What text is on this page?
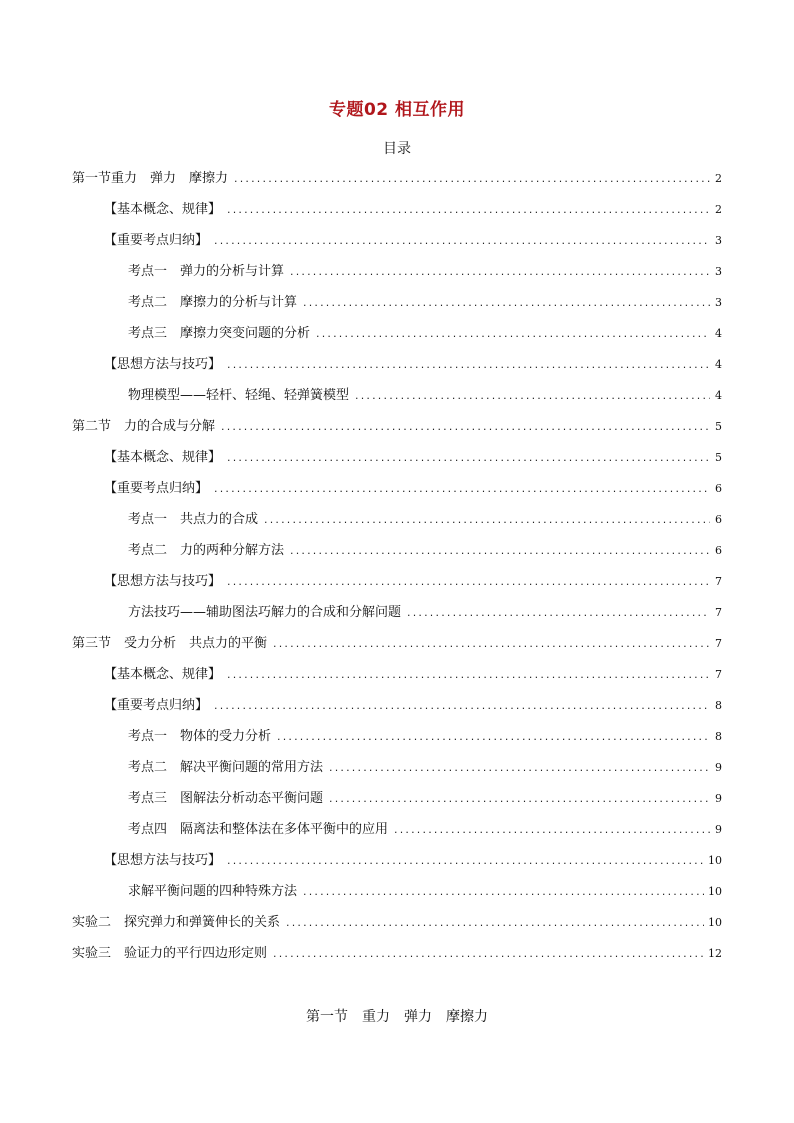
专题02 相互作用
目录
第一节重力　弹力　摩擦力 .....	2
【基本概念、规律】 .....	2
【重要考点归纳】 .....	3
考点一　弹力的分析与计算 .....	3
考点二　摩擦力的分析与计算 .....	3
考点三　摩擦力突变问题的分析 .....	4
【思想方法与技巧】 .....	4
物理模型——轻杆、轻绳、轻弹簧模型 .....	4
第二节　力的合成与分解 .....	5
【基本概念、规律】 .....	5
【重要考点归纳】 .....	6
考点一　共点力的合成 .....	6
考点二　力的两种分解方法 .....	6
【思想方法与技巧】 .....	7
方法技巧——辅助图法巧解力的合成和分解问题 .....	7
第三节　受力分析　共点力的平衡 .....	7
【基本概念、规律】 .....	7
【重要考点归纳】 .....	8
考点一　物体的受力分析 .....	8
考点二　解决平衡问题的常用方法 .....	9
考点三　图解法分析动态平衡问题 .....	9
考点四　隔离法和整体法在多体平衡中的应用 .....	9
【思想方法与技巧】 .....	10
求解平衡问题的四种特殊方法 .....	10
实验二　探究弹力和弹簧伸长的关系 .....	10
实验三　验证力的平行四边形定则 .....	12
第一节　重力　弹力　摩擦力
